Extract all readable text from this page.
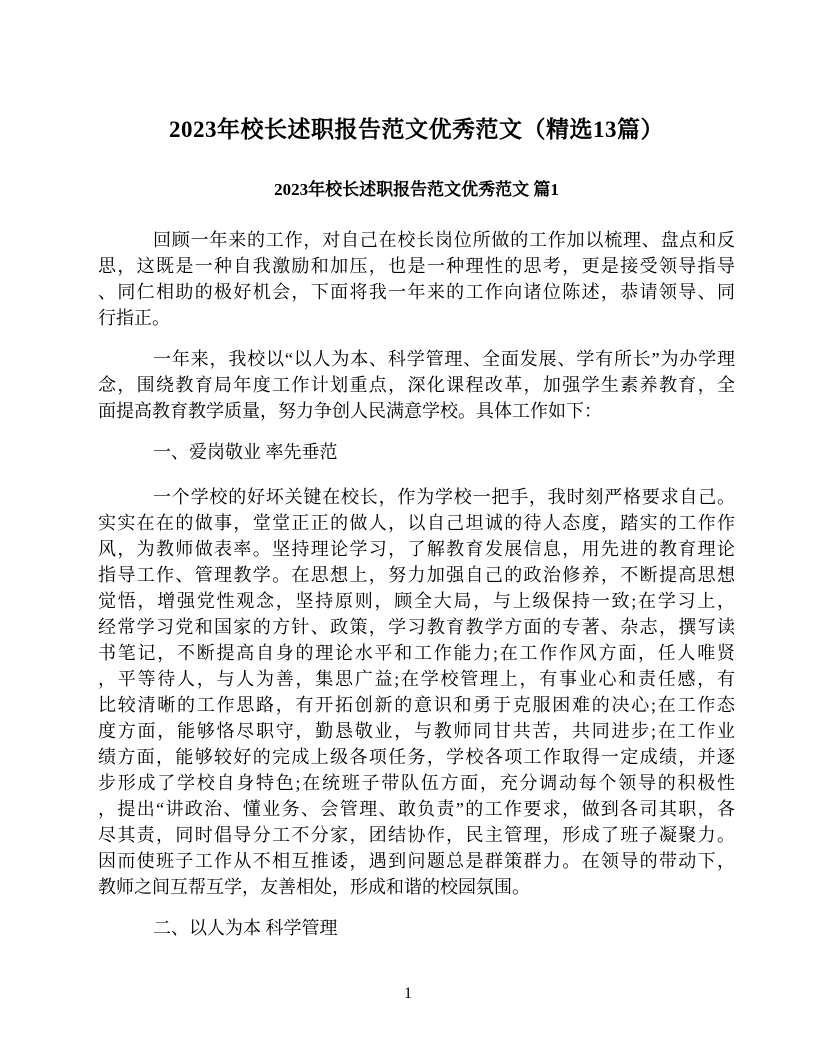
2023年校长述职报告范文优秀范文（精选13篇）
2023年校长述职报告范文优秀范文 篇1
回顾一年来的工作，对自己在校长岗位所做的工作加以梳理、盘点和反
思，这既是一种自我激励和加压，也是一种理性的思考，更是接受领导指导
、同仁相助的极好机会，下面将我一年来的工作向诸位陈述，恭请领导、同
行指正。
一年来，我校以“以人为本、科学管理、全面发展、学有所长”为办学理
念，围绕教育局年度工作计划重点，深化课程改革，加强学生素养教育，全
面提高教育教学质量，努力争创人民满意学校。具体工作如下：
一、爱岗敬业 率先垂范
一个学校的好坏关键在校长，作为学校一把手，我时刻严格要求自己。
实实在在的做事，堂堂正正的做人，以自己坦诚的待人态度，踏实的工作作
风，为教师做表率。坚持理论学习，了解教育发展信息，用先进的教育理论
指导工作、管理教学。在思想上，努力加强自己的政治修养，不断提高思想
觉悟，增强党性观念，坚持原则，顾全大局，与上级保持一致;在学习上，
经常学习党和国家的方针、政策，学习教育教学方面的专著、杂志，撰写读
书笔记，不断提高自身的理论水平和工作能力;在工作作风方面，任人唯贤
，平等待人，与人为善，集思广益;在学校管理上，有事业心和责任感，有
比较清晰的工作思路，有开拓创新的意识和勇于克服困难的决心;在工作态
度方面，能够恪尽职守，勤恳敬业，与教师同甘共苦，共同进步;在工作业
绩方面，能够较好的完成上级各项任务，学校各项工作取得一定成绩，并逐
步形成了学校自身特色;在统班子带队伍方面，充分调动每个领导的积极性
，提出“讲政治、懂业务、会管理、敢负责”的工作要求，做到各司其职，各
尽其责，同时倡导分工不分家，团结协作，民主管理，形成了班子凝聚力。
因而使班子工作从不相互推诿，遇到问题总是群策群力。在领导的带动下，
教师之间互帮互学，友善相处，形成和谐的校园氛围。
二、以人为本 科学管理
1
